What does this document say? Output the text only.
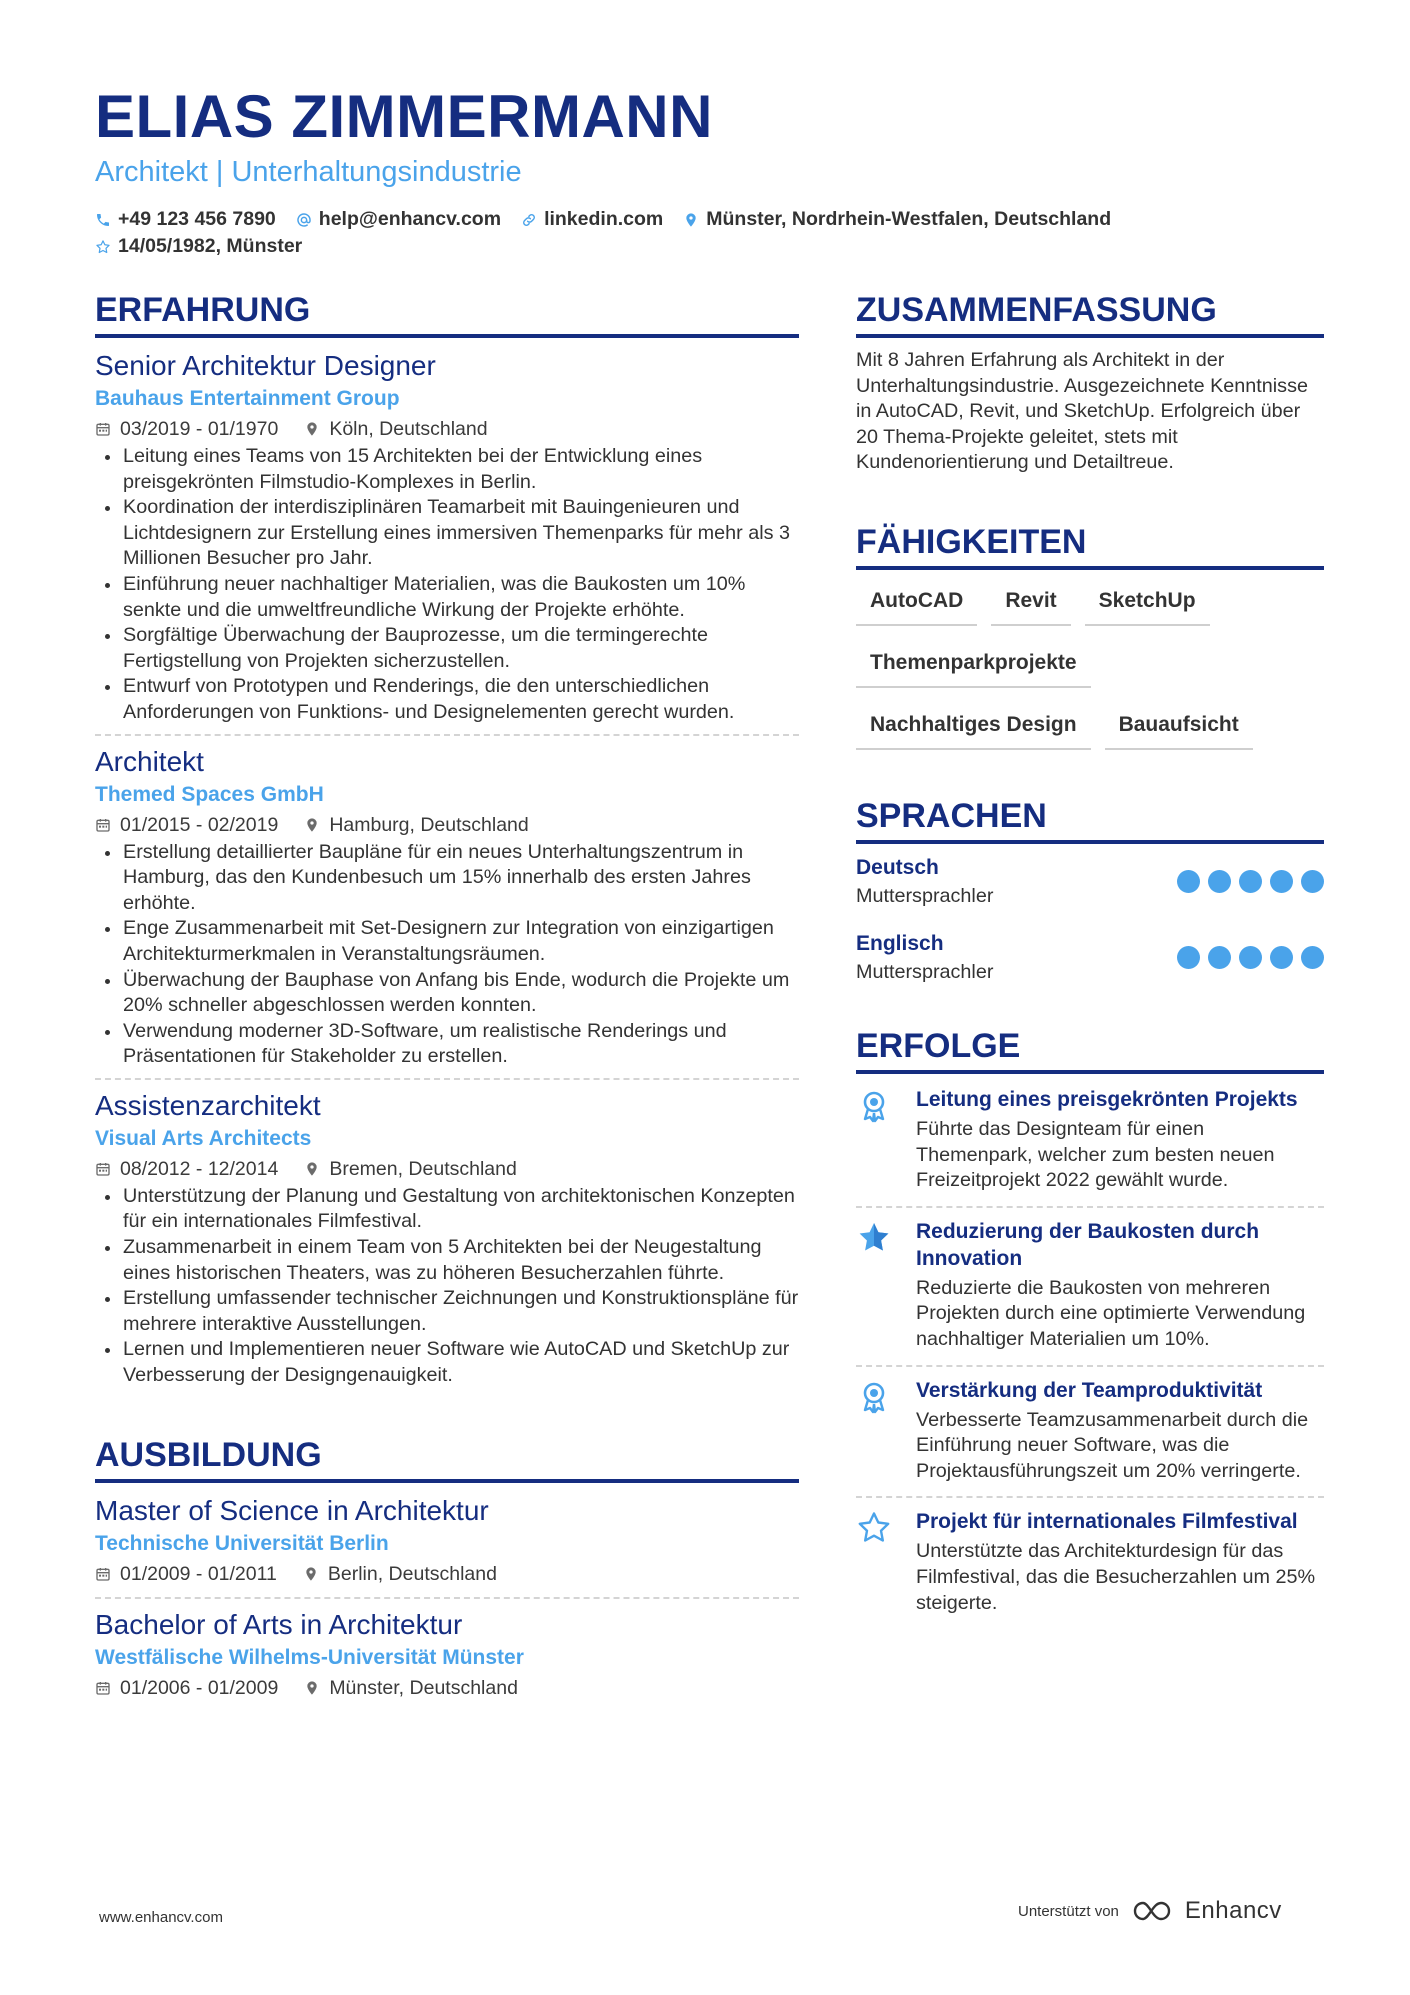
ELIAS ZIMMERMANN
Architekt | Unterhaltungsindustrie
+49 123 456 7890 help@enhancv.com linkedin.com Münster, Nordrhein-Westfalen, Deutschland
14/05/1982, Münster
ERFAHRUNG
Senior Architektur Designer
Bauhaus Entertainment Group
03/2019 - 01/1970	Köln, Deutschland
Leitung eines Teams von 15 Architekten bei der Entwicklung eines preisgekrönten Filmstudio-Komplexes in Berlin.
Koordination der interdisziplinären Teamarbeit mit Bauingenieuren und Lichtdesignern zur Erstellung eines immersiven Themenparks für mehr als 3 Millionen Besucher pro Jahr.
Einführung neuer nachhaltiger Materialien, was die Baukosten um 10% senkte und die umweltfreundliche Wirkung der Projekte erhöhte.
Sorgfältige Überwachung der Bauprozesse, um die termingerechte Fertigstellung von Projekten sicherzustellen.
Entwurf von Prototypen und Renderings, die den unterschiedlichen Anforderungen von Funktions- und Designelementen gerecht wurden.
Architekt
Themed Spaces GmbH
01/2015 - 02/2019	Hamburg, Deutschland
Erstellung detaillierter Baupläne für ein neues Unterhaltungszentrum in Hamburg, das den Kundenbesuch um 15% innerhalb des ersten Jahres erhöhte.
Enge Zusammenarbeit mit Set-Designern zur Integration von einzigartigen Architekturmerkmalen in Veranstaltungsräumen.
Überwachung der Bauphase von Anfang bis Ende, wodurch die Projekte um 20% schneller abgeschlossen werden konnten.
Verwendung moderner 3D-Software, um realistische Renderings und Präsentationen für Stakeholder zu erstellen.
Assistenzarchitekt
Visual Arts Architects
08/2012 - 12/2014	Bremen, Deutschland
Unterstützung der Planung und Gestaltung von architektonischen Konzepten für ein internationales Filmfestival.
Zusammenarbeit in einem Team von 5 Architekten bei der Neugestaltung eines historischen Theaters, was zu höheren Besucherzahlen führte.
Erstellung umfassender technischer Zeichnungen und Konstruktionspläne für mehrere interaktive Ausstellungen.
Lernen und Implementieren neuer Software wie AutoCAD und SketchUp zur Verbesserung der Designgenauigkeit.
AUSBILDUNG
Master of Science in Architektur
Technische Universität Berlin
01/2009 - 01/2011	Berlin, Deutschland
Bachelor of Arts in Architektur
Westfälische Wilhelms-Universität Münster
01/2006 - 01/2009	Münster, Deutschland
ZUSAMMENFASSUNG
Mit 8 Jahren Erfahrung als Architekt in der Unterhaltungsindustrie. Ausgezeichnete Kenntnisse in AutoCAD, Revit, und SketchUp. Erfolgreich über 20 Thema-Projekte geleitet, stets mit Kundenorientierung und Detailtreue.
FÄHIGKEITEN
AutoCAD	Revit	SketchUp
Themenparkprojekte
Nachhaltiges Design	Bauaufsicht
SPRACHEN
Deutsch
Muttersprachler
Englisch
Muttersprachler
ERFOLGE
Leitung eines preisgekrönten Projekts
Führte das Designteam für einen Themenpark, welcher zum besten neuen Freizeitprojekt 2022 gewählt wurde.
Reduzierung der Baukosten durch Innovation
Reduzierte die Baukosten von mehreren Projekten durch eine optimierte Verwendung nachhaltiger Materialien um 10%.
Verstärkung der Teamproduktivität
Verbesserte Teamzusammenarbeit durch die Einführung neuer Software, was die Projektausführungszeit um 20% verringerte.
Projekt für internationales Filmfestival
Unterstützte das Architekturdesign für das Filmfestival, das die Besucherzahlen um 25% steigerte.
www.enhancv.com	Unterstützt von	Enhancv
